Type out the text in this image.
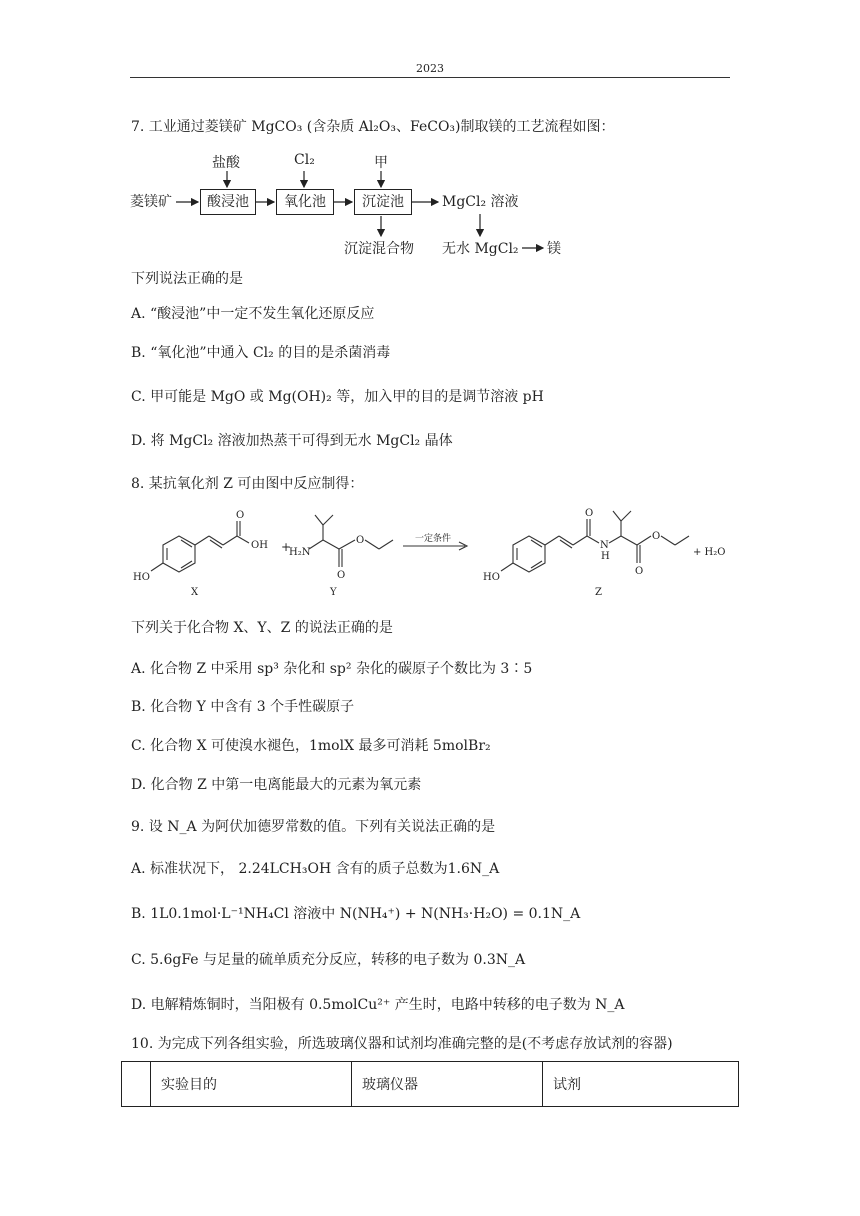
2023
7. 工业通过菱镁矿 MgCO₃ (含杂质 Al₂O₃、FeCO₃)制取镁的工艺流程如图：
菱镁矿
盐酸	Cl₂	甲
酸浸池	氧化池	沉淀池	MgCl₂ 溶液
沉淀混合物 无水 MgCl₂ 镁
下列说法正确的是
A. “酸浸池”中一定不发生氧化还原反应
B. “氧化池”中通入 Cl₂ 的目的是杀菌消毒
C. 甲可能是 MgO 或 Mg(OH)₂ 等，加入甲的目的是调节溶液 pH
D. 将 MgCl₂ 溶液加热蒸干可得到无水 MgCl₂ 晶体
8. 某抗氧化剂 Z 可由图中反应制得：
HO
O
OH
X
+
H₂N
O
O
Y
一定条件
HO
O
N
H
O
O
Z
+ H₂O
下列关于化合物 X、Y、Z 的说法正确的是
A. 化合物 Z 中采用 sp³ 杂化和 sp² 杂化的碳原子个数比为 3∶5
B. 化合物 Y 中含有 3 个手性碳原子
C. 化合物 X 可使溴水褪色，1molX 最多可消耗 5molBr₂
D. 化合物 Z 中第一电离能最大的元素为氧元素
9. 设 N_A 为阿伏加德罗常数的值。下列有关说法正确的是
A. 标准状况下， 2.24LCH₃OH 含有的质子总数为1.6N_A
B. 1L0.1mol·L⁻¹NH₄Cl 溶液中 N(NH₄⁺) + N(NH₃·H₂O) = 0.1N_A
C. 5.6gFe 与足量的硫单质充分反应，转移的电子数为 0.3N_A
D. 电解精炼铜时，当阳极有 0.5molCu²⁺ 产生时，电路中转移的电子数为 N_A
10. 为完成下列各组实验，所选玻璃仪器和试剂均准确完整的是(不考虑存放试剂的容器)
	实验目的	玻璃仪器	试剂
